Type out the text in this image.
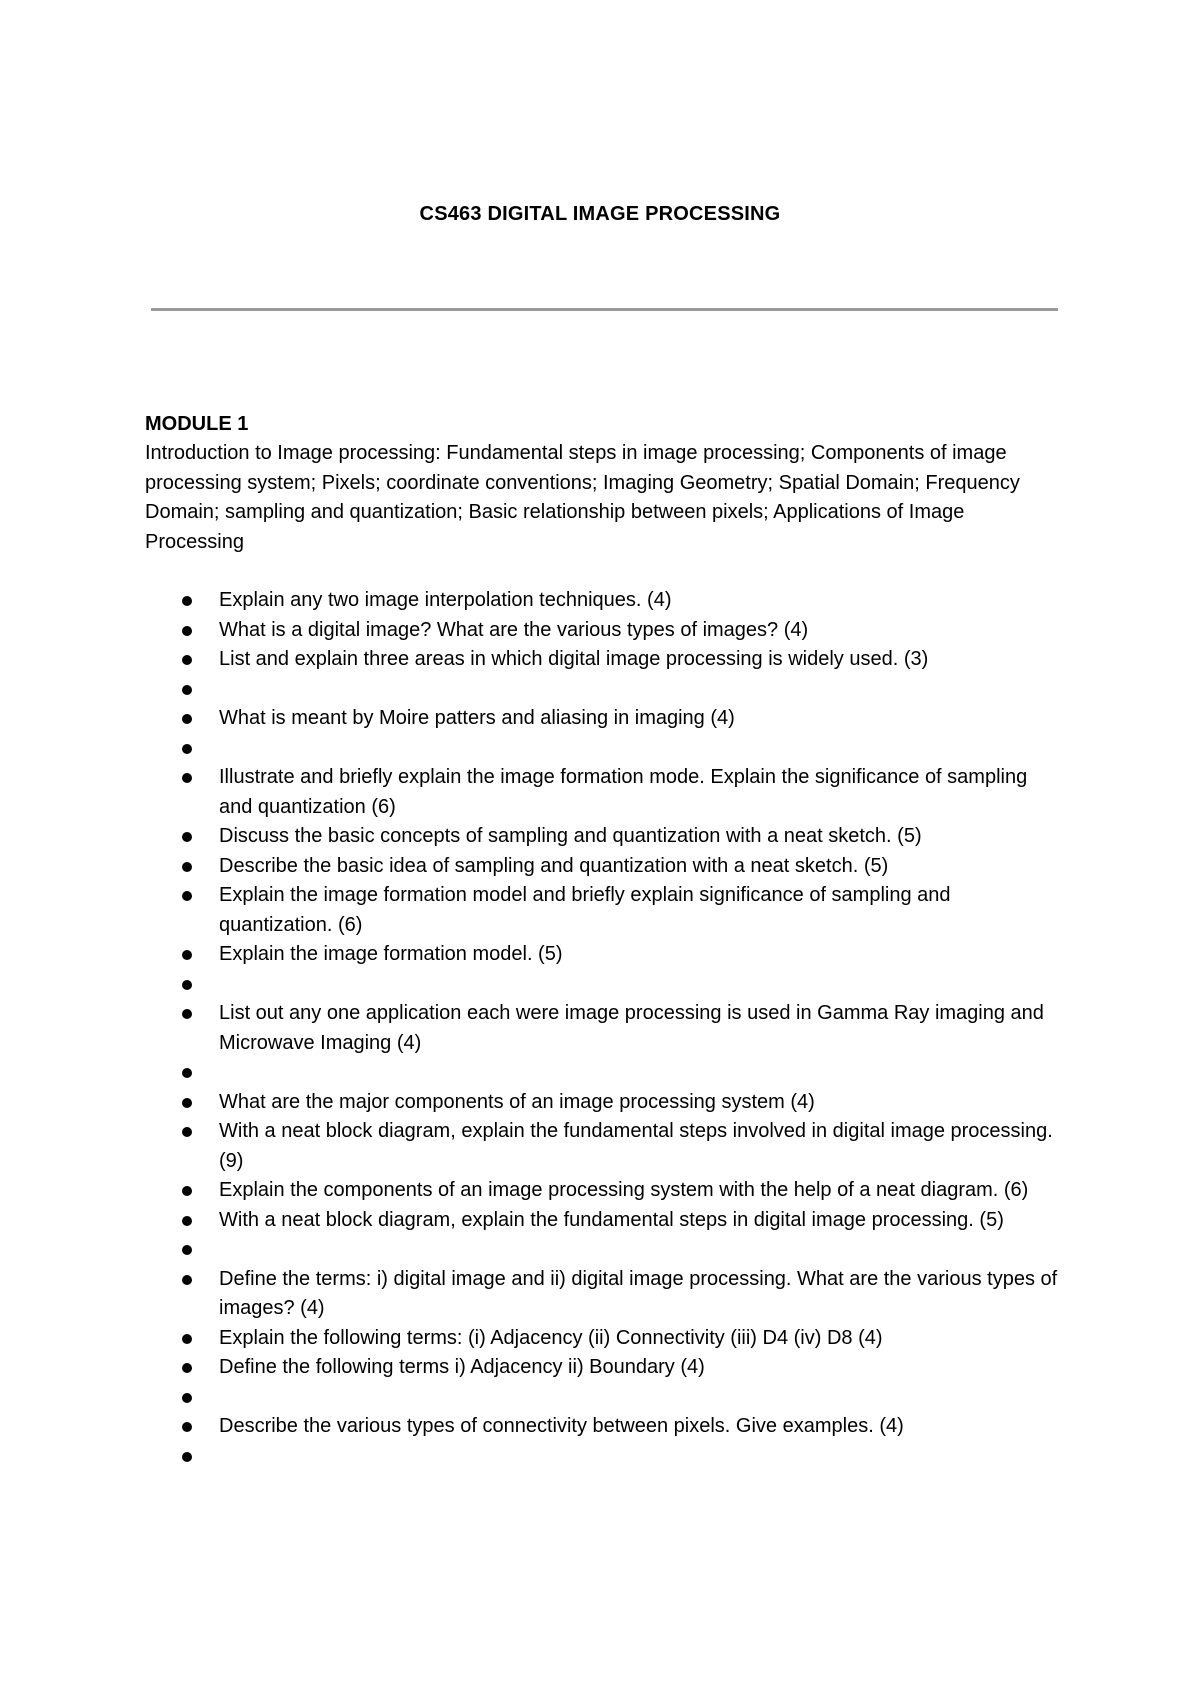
CS463 DIGITAL IMAGE PROCESSING

MODULE 1

Introduction to Image processing: Fundamental steps in image processing; Components of image processing system; Pixels; coordinate conventions; Imaging Geometry; Spatial Domain; Frequency Domain; sampling and quantization; Basic relationship between pixels; Applications of Image Processing

Explain any two image interpolation techniques. (4)
What is a digital image? What are the various types of images? (4)
List and explain three areas in which digital image processing is widely used. (3)
What is meant by Moire patters and aliasing in imaging (4)
Illustrate and briefly explain the image formation mode. Explain the significance of sampling and quantization (6)
Discuss the basic concepts of sampling and quantization with a neat sketch. (5)
Describe the basic idea of sampling and quantization with a neat sketch. (5)
Explain the image formation model and briefly explain significance of sampling and quantization. (6)
Explain the image formation model. (5)
List out any one application each were image processing is used in Gamma Ray imaging and Microwave Imaging (4)
What are the major components of an image processing system (4)
With a neat block diagram, explain the fundamental steps involved in digital image processing. (9)
Explain the components of an image processing system with the help of a neat diagram. (6)
With a neat block diagram, explain the fundamental steps in digital image processing. (5)
Define the terms: i) digital image and ii) digital image processing. What are the various types of images? (4)
Explain the following terms: (i) Adjacency (ii) Connectivity (iii) D4 (iv) D8 (4)
Define the following terms i) Adjacency ii) Boundary (4)
Describe the various types of connectivity between pixels. Give examples. (4)
